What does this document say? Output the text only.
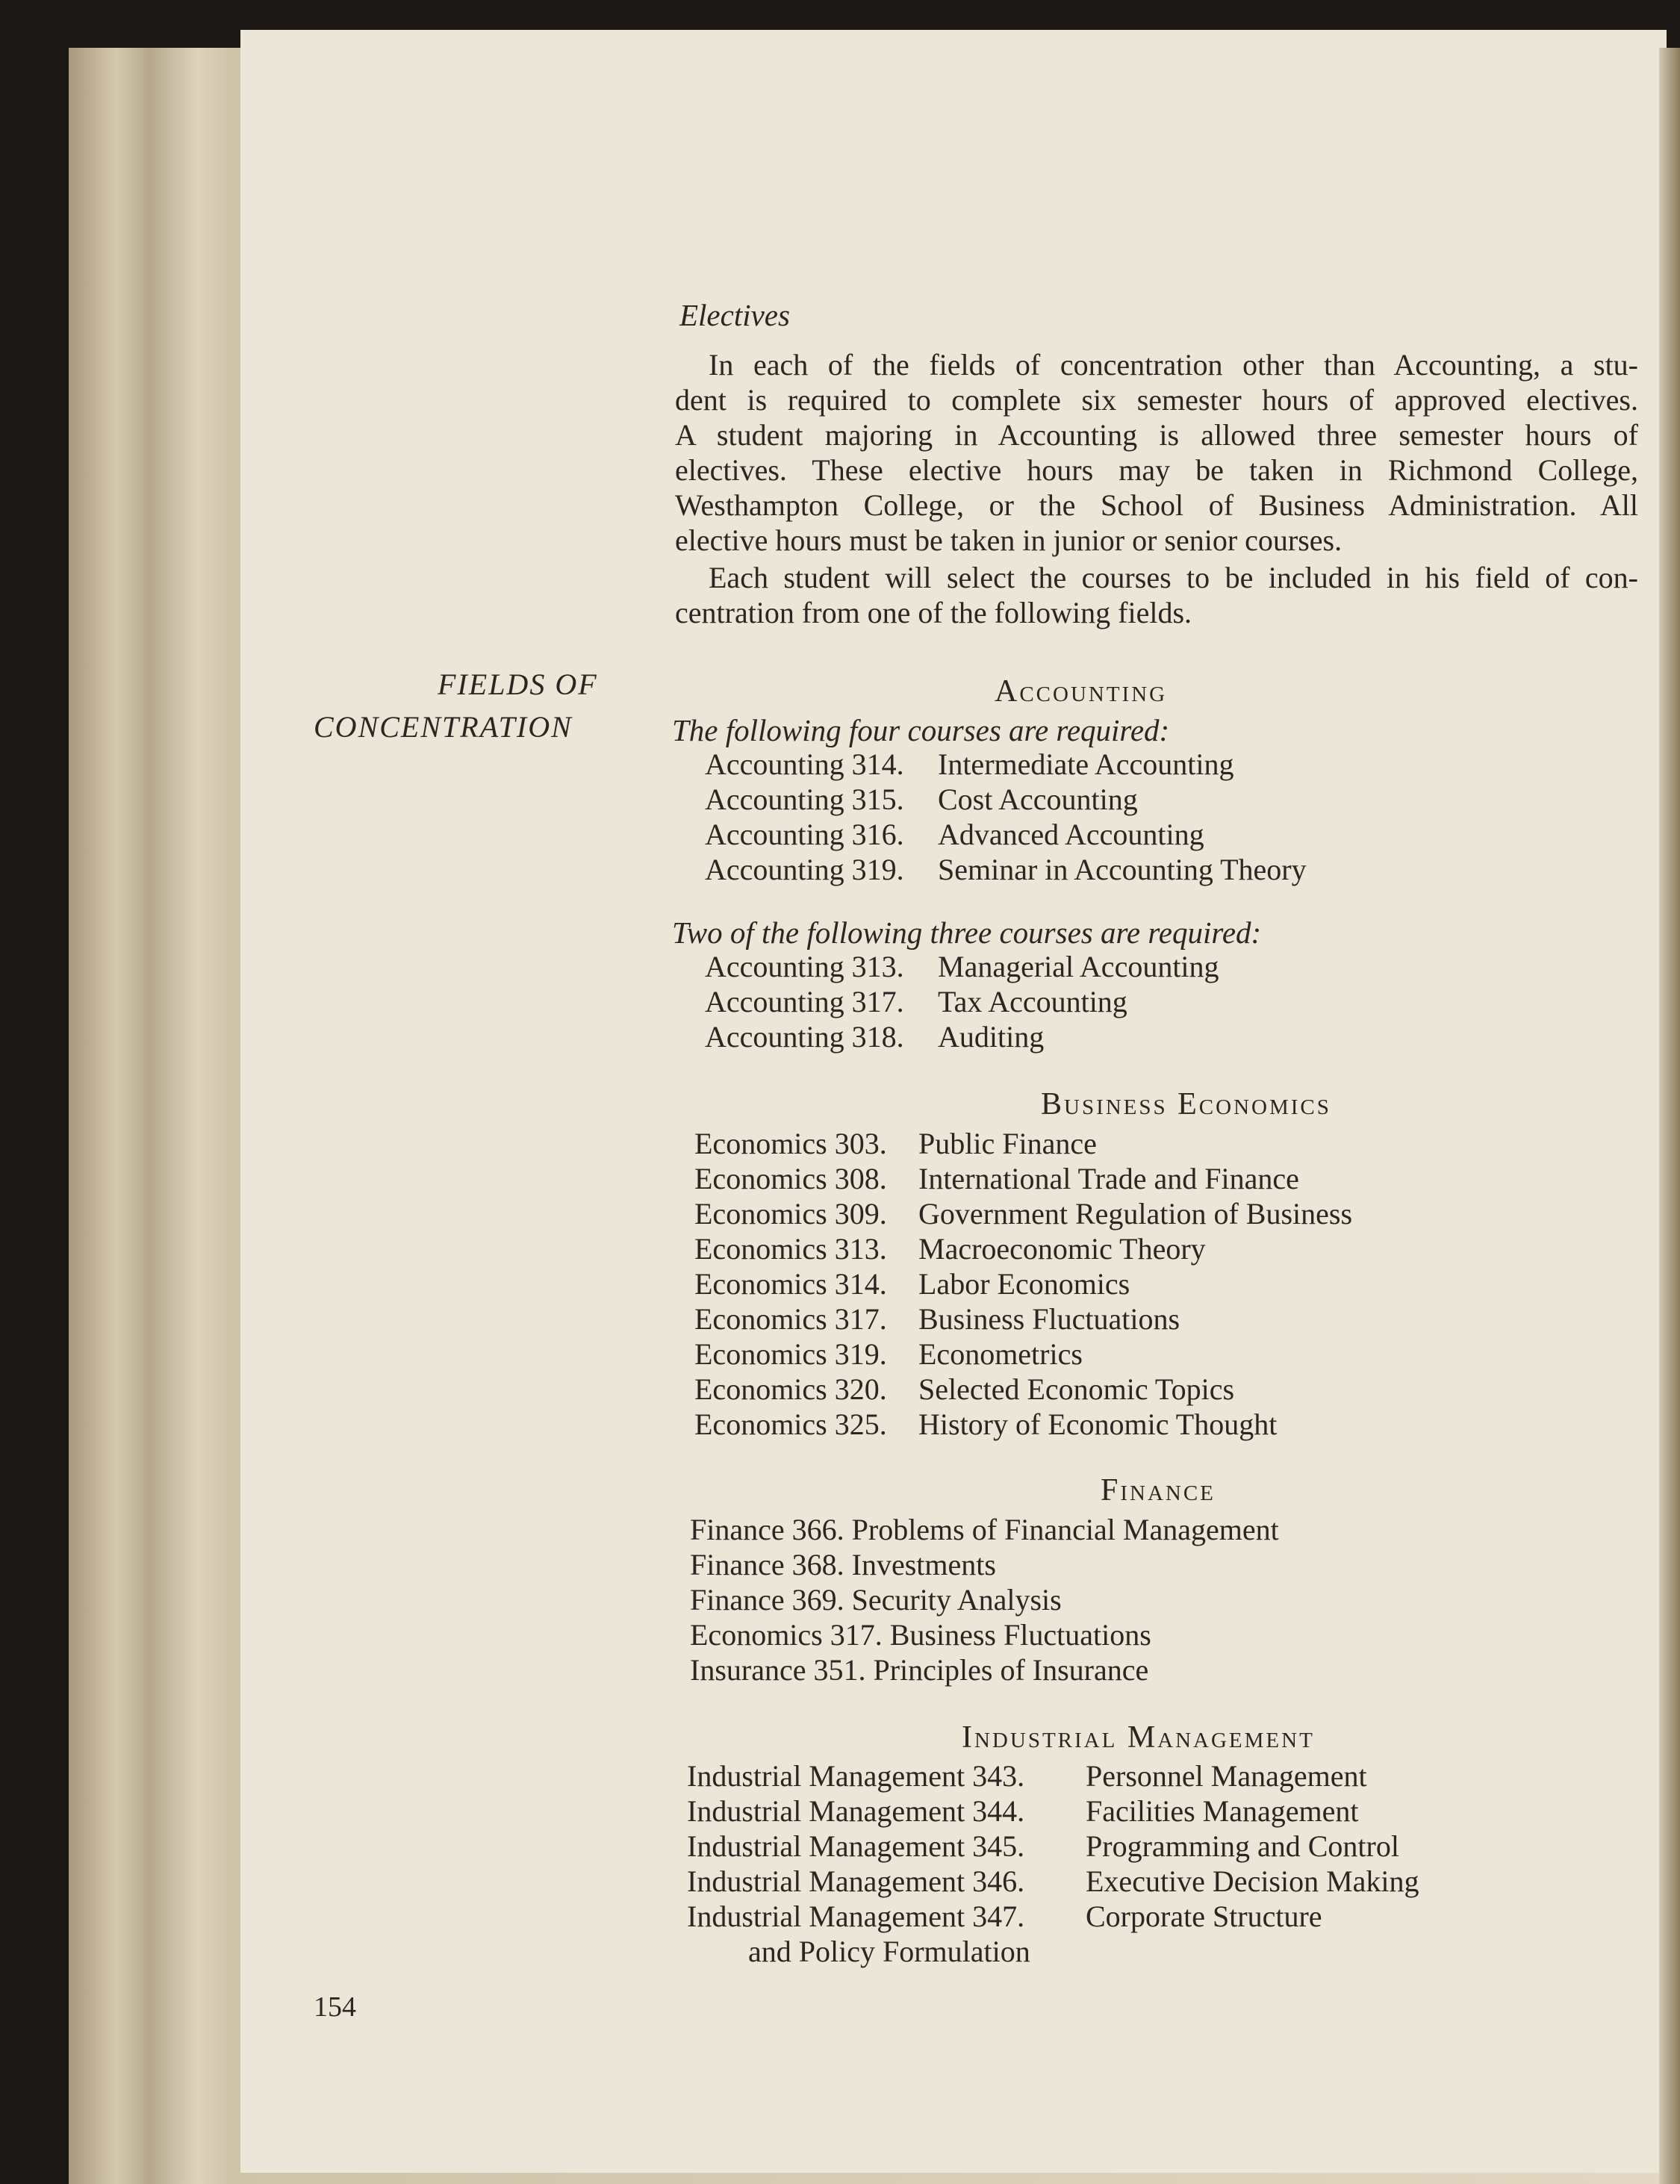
Electives
In each of the fields of concentration other than Accounting, a stu-
dent is required to complete six semester hours of approved electives.
A student majoring in Accounting is allowed three semester hours of
electives. These elective hours may be taken in Richmond College,
Westhampton College, or the School of Business Administration. All
elective hours must be taken in junior or senior courses.
Each student will select the courses to be included in his field of con-
centration from one of the following fields.
FIELDS OF
CONCENTRATION
Accounting
The following four courses are required:
Accounting 314. Intermediate Accounting
Accounting 315. Cost Accounting
Accounting 316. Advanced Accounting
Accounting 319. Seminar in Accounting Theory
Two of the following three courses are required:
Accounting 313. Managerial Accounting
Accounting 317. Tax Accounting
Accounting 318. Auditing
Business Economics
Economics 303. Public Finance
Economics 308. International Trade and Finance
Economics 309. Government Regulation of Business
Economics 313. Macroeconomic Theory
Economics 314. Labor Economics
Economics 317. Business Fluctuations
Economics 319. Econometrics
Economics 320. Selected Economic Topics
Economics 325. History of Economic Thought
Finance
Finance 366. Problems of Financial Management
Finance 368. Investments
Finance 369. Security Analysis
Economics 317. Business Fluctuations
Insurance 351. Principles of Insurance
Industrial Management
Industrial Management 343. Personnel Management
Industrial Management 344. Facilities Management
Industrial Management 345. Programming and Control
Industrial Management 346. Executive Decision Making
Industrial Management 347. Corporate Structure
and Policy Formulation
154
